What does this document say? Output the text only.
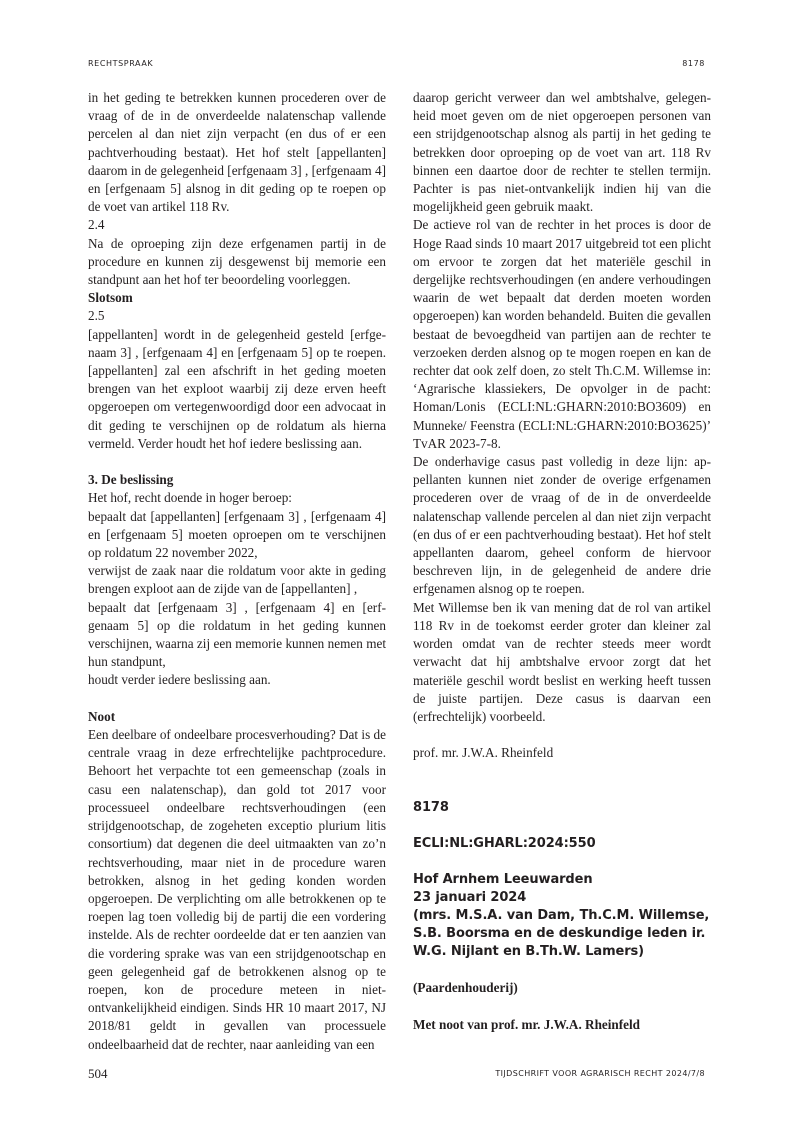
RECHTSPRAAK	8178

in het geding te betrekken kunnen procederen over de vraag of de in de onverdeelde nalatenschap vallende percelen al dan niet zijn verpacht (en dus of er een pachtverhouding bestaat). Het hof stelt [appellanten] daarom in de gelegenheid [erfgenaam 3] , [erfgenaam 4] en [erfgenaam 5] alsnog in dit geding op te roepen op de voet van artikel 118 Rv.

2.4

Na de oproeping zijn deze erfgenamen partij in de procedure en kunnen zij desgewenst bij memorie een standpunt aan het hof ter beoordeling voorleggen.

Slotsom

2.5

[appellanten] wordt in de gelegenheid gesteld [erfgenaam 3] , [erfgenaam 4] en [erfgenaam 5] op te roepen. [appellanten] zal een afschrift in het geding moeten brengen van het exploot waarbij zij deze erven heeft opgeroepen om vertegenwoordigd door een advocaat in dit geding te verschijnen op de roldatum als hierna vermeld. Verder houdt het hof iedere beslissing aan.

3. De beslissing

Het hof, recht doende in hoger beroep:

bepaalt dat [appellanten] [erfgenaam 3] , [erfgenaam 4] en [erfgenaam 5] moeten oproepen om te verschijnen op roldatum 22 november 2022,

verwijst de zaak naar die roldatum voor akte in geding brengen exploot aan de zijde van de [appellanten] ,

bepaalt dat [erfgenaam 3] , [erfgenaam 4] en [erfgenaam 5] op die roldatum in het geding kunnen verschijnen, waarna zij een memorie kunnen nemen met hun standpunt,

houdt verder iedere beslissing aan.

Noot

Een deelbare of ondeelbare procesverhouding? Dat is de centrale vraag in deze erfrechtelijke pachtprocedure. Behoort het verpachte tot een gemeenschap (zoals in casu een nalatenschap), dan gold tot 2017 voor processueel ondeelbare rechtsverhoudingen (een strijdgenootschap, de zogeheten exceptio plurium litis consortium) dat degenen die deel uitmaakten van zo’n rechtsverhouding, maar niet in de procedure waren betrokken, alsnog in het geding konden worden opgeroepen. De verplichting om alle betrokkenen op te roepen lag toen volledig bij de partij die een vordering instelde. Als de rechter oordeelde dat er ten aanzien van die vordering sprake was van een strijdgenootschap en geen gelegenheid gaf de betrokkenen alsnog op te roepen, kon de procedure meteen in niet-ontvankelijkheid eindigen. Sinds HR 10 maart 2017, NJ 2018/81 geldt in gevallen van processuele ondeelbaarheid dat de rechter, naar aanleiding van een

daarop gericht verweer dan wel ambtshalve, gelegenheid moet geven om de niet opgeroepen personen van een strijdgenootschap alsnog als partij in het geding te betrekken door oproeping op de voet van art. 118 Rv binnen een daartoe door de rechter te stellen termijn. Pachter is pas niet-ontvankelijk indien hij van die mogelijkheid geen gebruik maakt.

De actieve rol van de rechter in het proces is door de Hoge Raad sinds 10 maart 2017 uitgebreid tot een plicht om ervoor te zorgen dat het materiële geschil in dergelijke rechtsverhoudingen (en andere verhoudingen waarin de wet bepaalt dat derden moeten worden opgeroepen) kan worden behandeld. Buiten die gevallen bestaat de bevoegdheid van partijen aan de rechter te verzoeken derden alsnog op te mogen roepen en kan de rechter dat ook zelf doen, zo stelt Th.C.M. Willemse in: ‘Agrarische klassiekers, De opvolger in de pacht: Homan/Lonis (ECLI:NL:GHARN:2010:BO3609) en Munneke/ Feenstra (ECLI:NL:GHARN:2010:BO3625)’ TvAR 2023-7-8.

De onderhavige casus past volledig in deze lijn: appellanten kunnen niet zonder de overige erfgenamen procederen over de vraag of de in de onverdeelde nalatenschap vallende percelen al dan niet zijn verpacht (en dus of er een pachtverhouding bestaat). Het hof stelt appellanten daarom, geheel conform de hiervoor beschreven lijn, in de gelegenheid de andere drie erfgenamen alsnog op te roepen.

Met Willemse ben ik van mening dat de rol van artikel 118 Rv in de toekomst eerder groter dan kleiner zal worden omdat van de rechter steeds meer wordt verwacht dat hij ambtshalve ervoor zorgt dat het materiële geschil wordt beslist en werking heeft tussen de juiste partijen. Deze casus is daarvan een (erfrechtelijk) voorbeeld.

prof. mr. J.W.A. Rheinfeld

8178

ECLI:NL:GHARL:2024:550

Hof Arnhem Leeuwarden

23 januari 2024

(mrs. M.S.A. van Dam, Th.C.M. Willemse, S.B. Boorsma en de deskundige leden ir. W.G. Nijlant en B.Th.W. Lamers)

(Paardenhouderij)

Met noot van prof. mr. J.W.A. Rheinfeld

504	TIJDSCHRIFT VOOR AGRARISCH RECHT 2024/7/8
